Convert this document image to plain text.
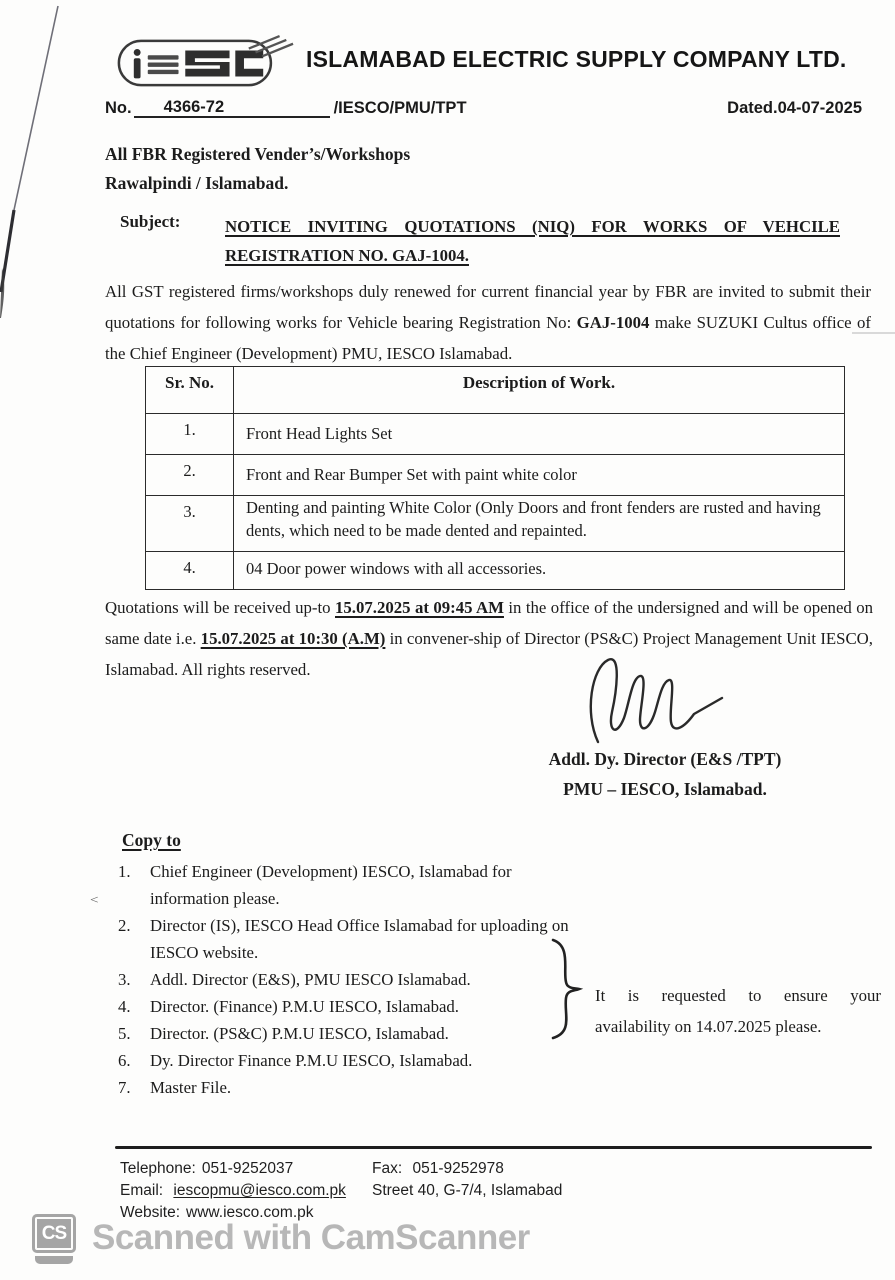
ISLAMABAD ELECTRIC SUPPLY COMPANY LTD.
No.	4366-72	/IESCO/PMU/TPT	Dated.04-07-2025
All FBR Registered Vender’s/Workshops
Rawalpindi / Islamabad.
Subject:	NOTICE INVITING QUOTATIONS (NIQ) FOR WORKS OF VEHCILE
REGISTRATION NO. GAJ-1004.

All GST registered firms/workshops duly renewed for current financial year by FBR are invited to submit their quotations for following works for Vehicle bearing Registration No: GAJ-1004 make SUZUKI Cultus office of the Chief Engineer (Development) PMU, IESCO Islamabad.

Sr. No.	Description of Work.
1.	Front Head Lights Set
2.	Front and Rear Bumper Set with paint white color
3.	Denting and painting White Color (Only Doors and front fenders are rusted and having dents, which need to be made dented and repainted.
4.	04 Door power windows with all accessories.

Quotations will be received up-to 15.07.2025 at 09:45 AM in the office of the undersigned and will be opened on same date i.e. 15.07.2025 at 10:30 (A.M) in convener-ship of Director (PS&C) Project Management Unit IESCO, Islamabad. All rights reserved.

Addl. Dy. Director (E&S /TPT)
PMU – IESCO, Islamabad.
Copy to
<
1.	Chief Engineer (Development) IESCO, Islamabad for information please.
2.	Director (IS), IESCO Head Office Islamabad for uploading on IESCO website.
3.	Addl. Director (E&S), PMU IESCO Islamabad.
4.	Director. (Finance) P.M.U IESCO, Islamabad.
5.	Director. (PS&C) P.M.U IESCO, Islamabad.
6.	Dy. Director Finance P.M.U IESCO, Islamabad.
7.	Master File.
It is requested to ensure your
availability on 14.07.2025 please.
Telephone: 051-9252037	Fax: 051-9252978
Email: iescopmu@iesco.com.pk	Street 40, G-7/4, Islamabad
Website: www.iesco.com.pk
CS Scanned with CamScanner
